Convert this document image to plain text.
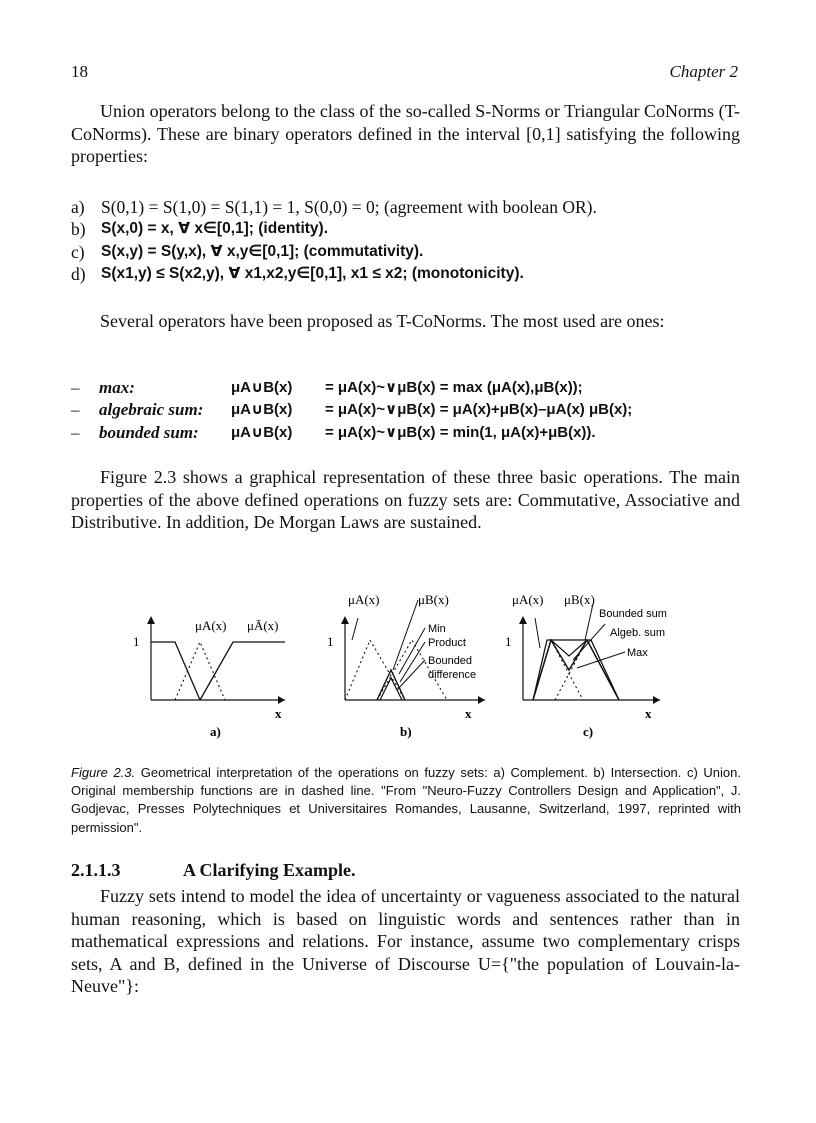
18	Chapter 2

Union operators belong to the class of the so-called S-Norms or Triangular CoNorms (T-CoNorms). These are binary operators defined in the interval [0,1] satisfying the following properties:

a) S(0,1) = S(1,0) = S(1,1) = 1, S(0,0) = 0; (agreement with boolean OR).
b) S(x,0) = x, ∀ x∈[0,1]; (identity).
c)	S(x,y) = S(y,x), ∀ x,y∈[0,1]; (commutativity).
d) S(x1,y) ≤ S(x2,y), ∀ x1,x2,y∈[0,1], x1 ≤ x2; (monotonicity).

Several operators have been proposed as T-CoNorms. The most used are ones:

–	max:	μA∪B(x)	= μA(x)~∨μB(x) = max (μA(x),μB(x));
–	algebraic sum:	μA∪B(x)	= μA(x)~∨μB(x) = μA(x)+μB(x)–μA(x) μB(x);
–	bounded sum:	μA∪B(x)	= μA(x)~∨μB(x) = min(1, μA(x)+μB(x)).

Figure 2.3 shows a graphical representation of these three basic operations. The main properties of the above defined operations on fuzzy sets are: Commutative, Associative and Distributive. In addition, De Morgan Laws are sustained.

1
x
μA(x) μĀ(x)
a)
1
x
μA(x)	μB(x)
Min
Product
Bounded
difference
b)
1
x
μA(x) μB(x)
Bounded sum
Algeb. sum
Max
c)

Figure 2.3. Geometrical interpretation of the operations on fuzzy sets: a) Complement. b) Intersection. c) Union. Original membership functions are in dashed line. "From "Neuro-Fuzzy Controllers Design and Application", J. Godjevac, Presses Polytechniques et Universitaires Romandes, Lausanne, Switzerland, 1997, reprinted with permission".

2.1.1.3	A Clarifying Example.

Fuzzy sets intend to model the idea of uncertainty or vagueness associated to the natural human reasoning, which is based on linguistic words and sentences rather than in mathematical expressions and relations. For instance, assume two complementary crisps sets, A and B, defined in the Universe of Discourse U={"the population of Louvain-la-Neuve"}:
